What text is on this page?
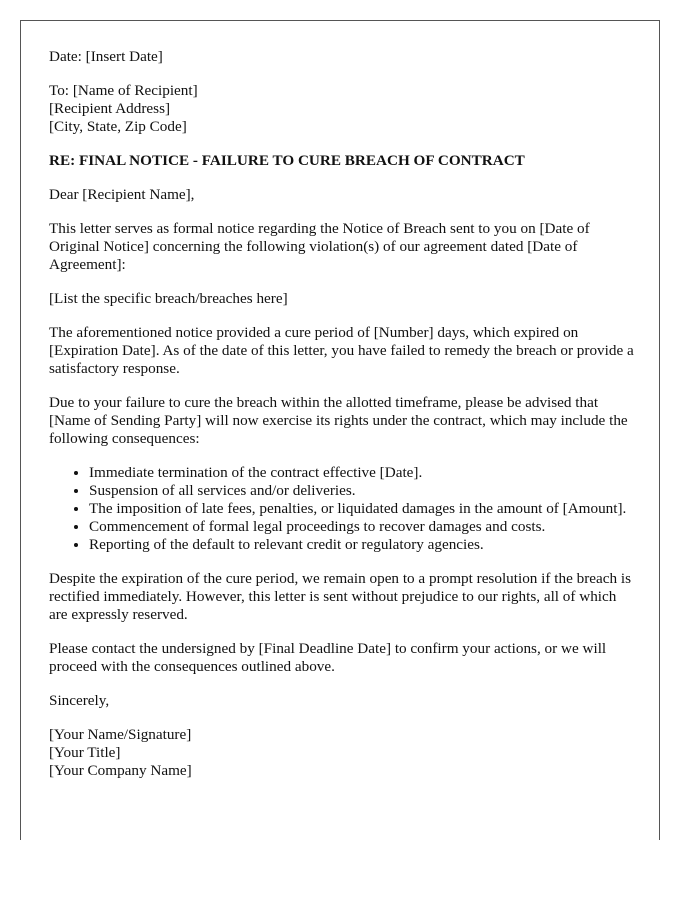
Date: [Insert Date]

To: [Name of Recipient]
[Recipient Address]
[City, State, Zip Code]

RE: FINAL NOTICE - FAILURE TO CURE BREACH OF CONTRACT

Dear [Recipient Name],

This letter serves as formal notice regarding the Notice of Breach sent to you on [Date of Original Notice] concerning the following violation(s) of our agreement dated [Date of Agreement]:

[List the specific breach/breaches here]

The aforementioned notice provided a cure period of [Number] days, which expired on [Expiration Date]. As of the date of this letter, you have failed to remedy the breach or provide a satisfactory response.

Due to your failure to cure the breach within the allotted timeframe, please be advised that [Name of Sending Party] will now exercise its rights under the contract, which may include the following consequences:

• Immediate termination of the contract effective [Date].
• Suspension of all services and/or deliveries.
• The imposition of late fees, penalties, or liquidated damages in the amount of [Amount].
• Commencement of formal legal proceedings to recover damages and costs.
• Reporting of the default to relevant credit or regulatory agencies.

Despite the expiration of the cure period, we remain open to a prompt resolution if the breach is rectified immediately. However, this letter is sent without prejudice to our rights, all of which are expressly reserved.

Please contact the undersigned by [Final Deadline Date] to confirm your actions, or we will proceed with the consequences outlined above.

Sincerely,

[Your Name/Signature]
[Your Title]
[Your Company Name]
